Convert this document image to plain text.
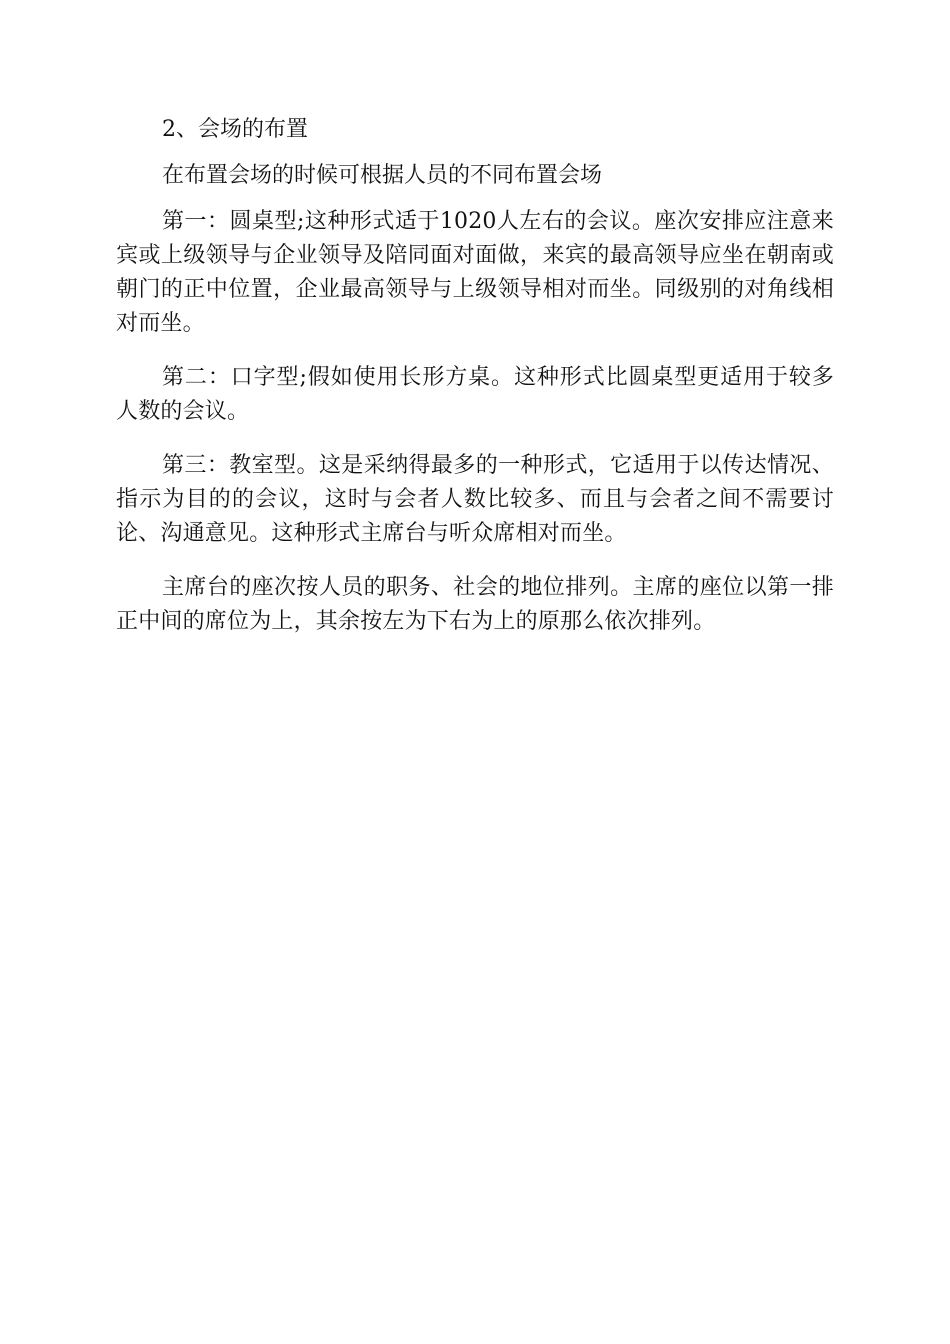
2、会场的布置

在布置会场的时候可根据人员的不同布置会场

第一：圆桌型;这种形式适于1020人左右的会议。座次安排应注意来宾或上级领导与企业领导及陪同面对面做，来宾的最高领导应坐在朝南或朝门的正中位置，企业最高领导与上级领导相对而坐。同级别的对角线相对而坐。

第二：口字型;假如使用长形方桌。这种形式比圆桌型更适用于较多人数的会议。

第三：教室型。这是采纳得最多的一种形式，它适用于以传达情况、指示为目的的会议，这时与会者人数比较多、而且与会者之间不需要讨论、沟通意见。这种形式主席台与听众席相对而坐。

主席台的座次按人员的职务、社会的地位排列。主席的座位以第一排正中间的席位为上，其余按左为下右为上的原那么依次排列。
